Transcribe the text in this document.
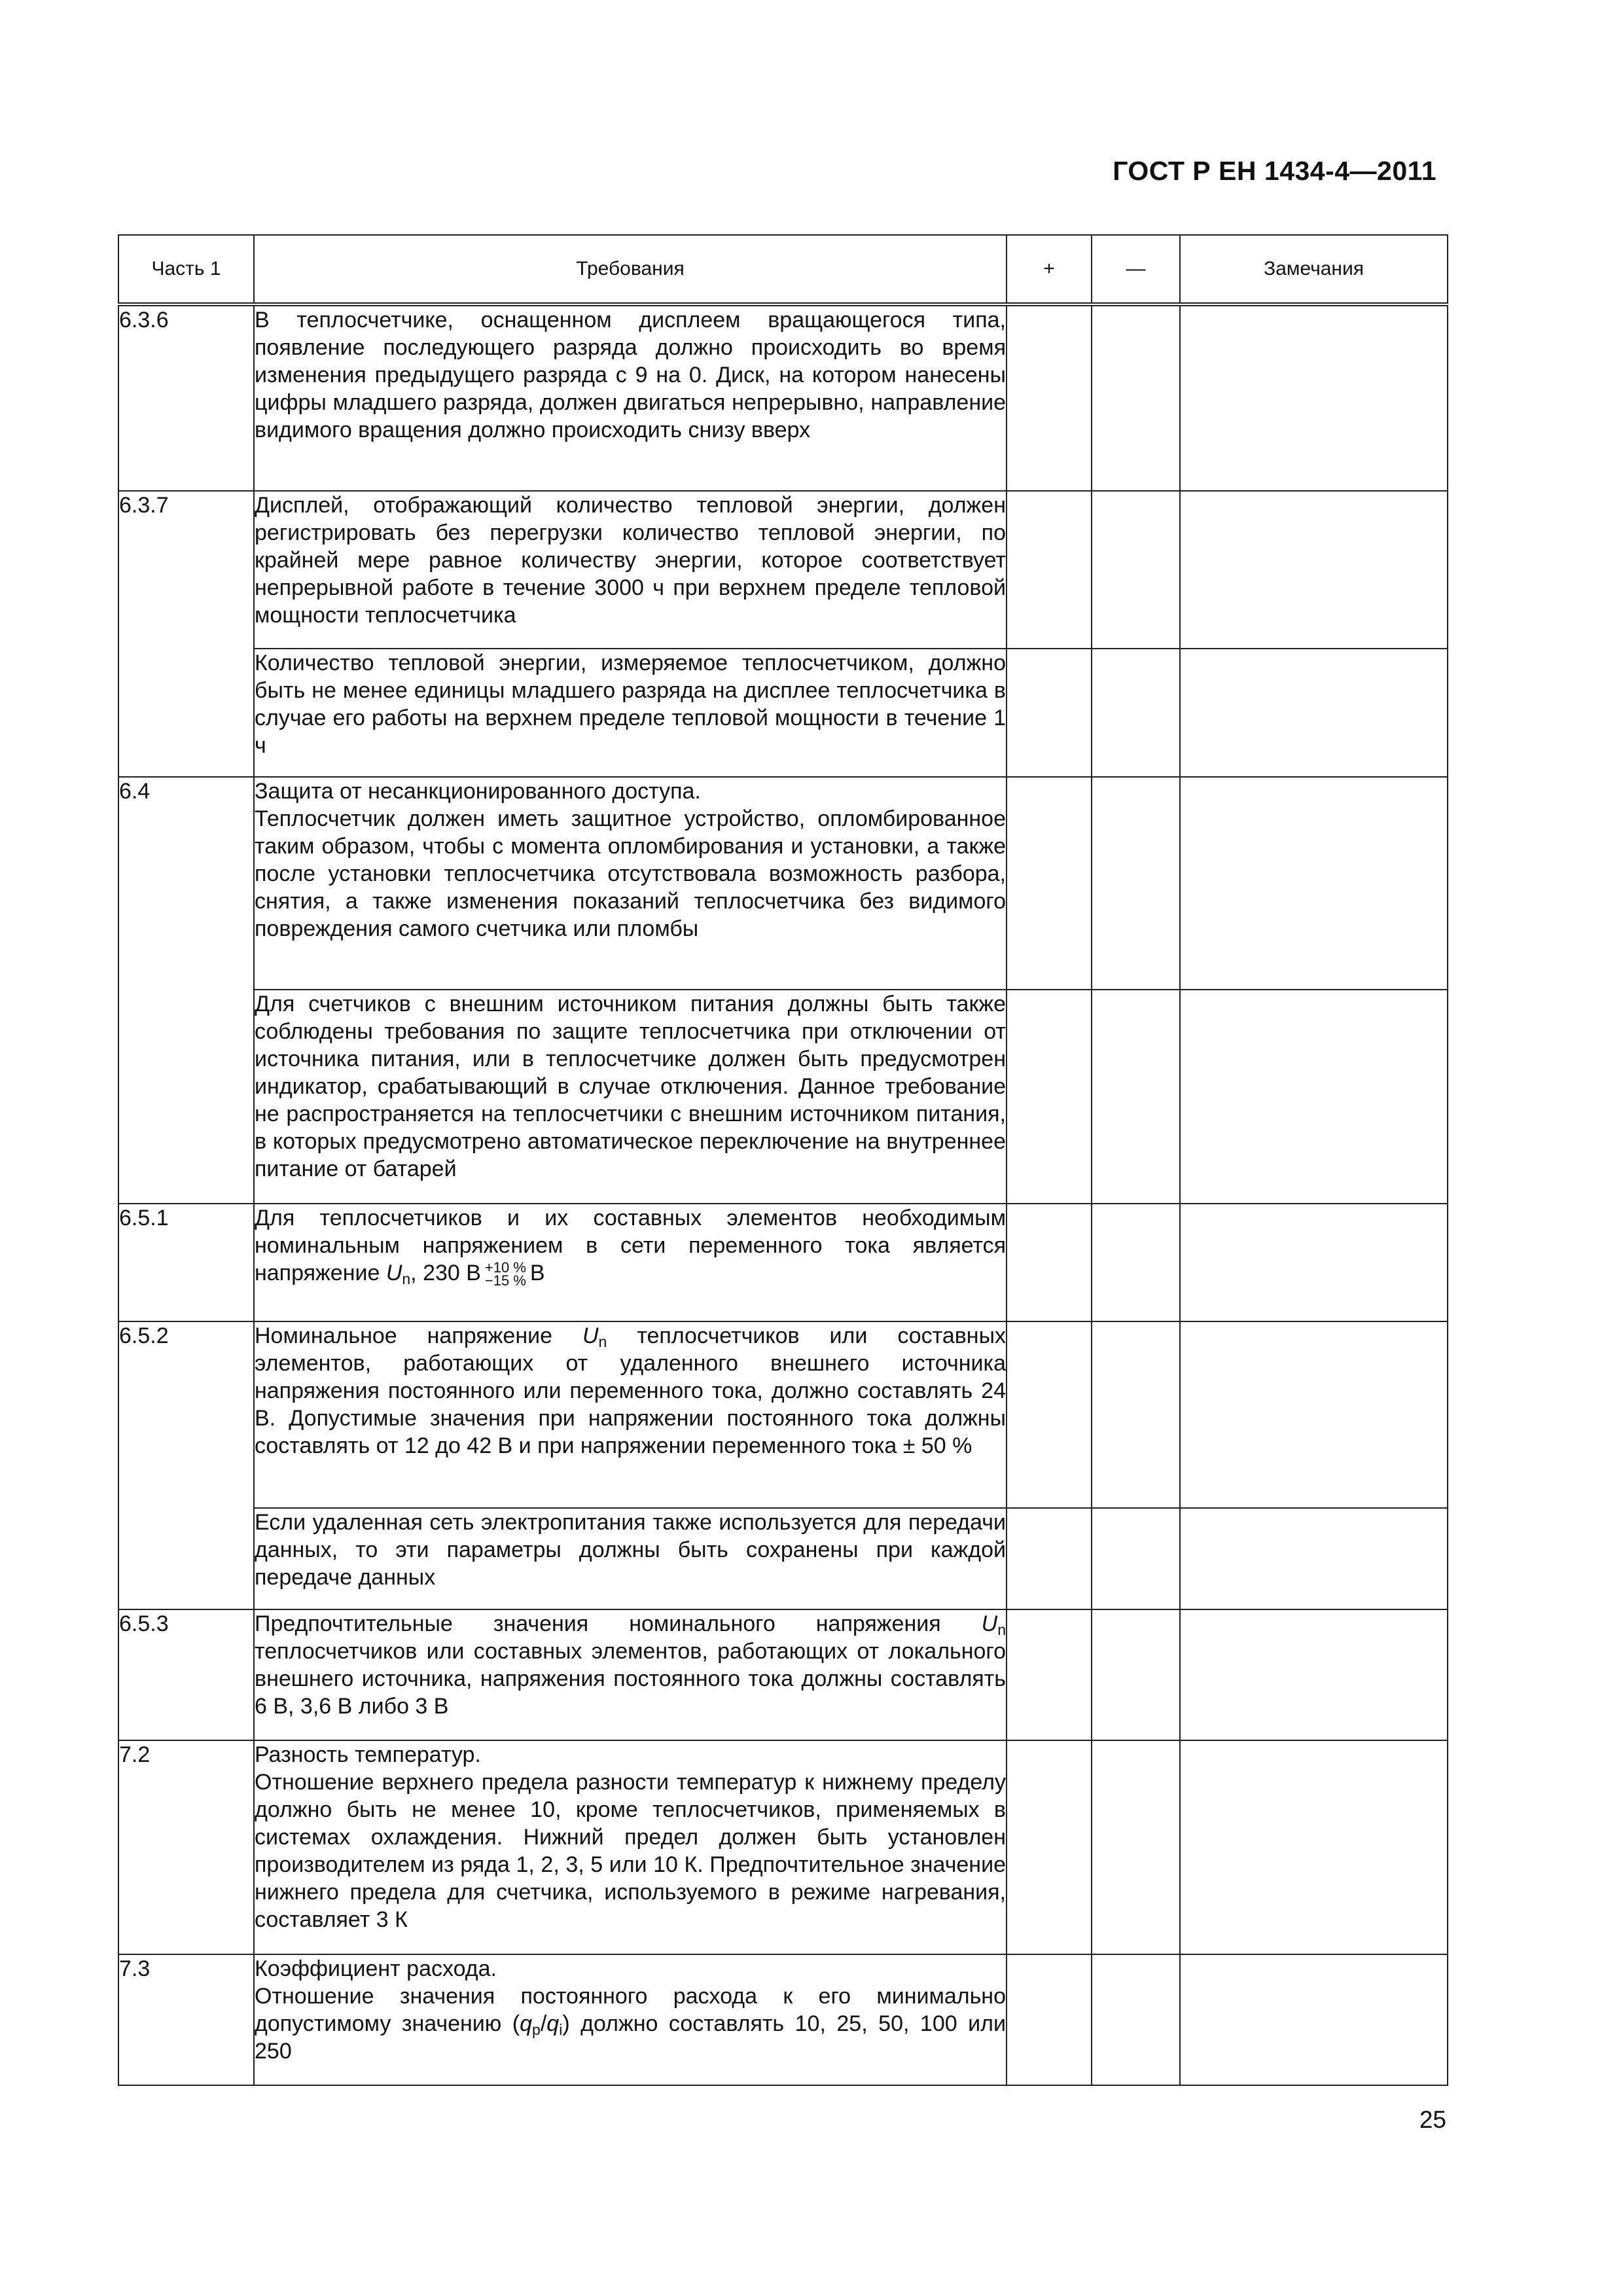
ГОСТ Р ЕН 1434-4—2011
Часть 1	Требования	+	—	Замечания
6.3.6	В теплосчетчике, оснащенном дисплеем вращающегося типа, появление последующего разряда должно происходить во время изменения предыдущего разряда с 9 на 0. Диск, на котором нанесены цифры младшего разряда, должен двигаться непрерывно, направление видимого вращения должно происходить снизу вверх			
6.3.7	Дисплей, отображающий количество тепловой энергии, должен регистрировать без перегрузки количество тепловой энергии, по крайней мере равное количеству энергии, которое соответствует непрерывной работе в течение 3000 ч при верхнем пределе тепловой мощности теплосчетчика			
	Количество тепловой энергии, измеряемое теплосчетчиком, должно быть не менее единицы младшего разряда на дисплее теплосчетчика в случае его работы на верхнем пределе тепловой мощности в течение 1 ч			
6.4	Защита от несанкционированного доступа.
Теплосчетчик должен иметь защитное устройство, опломбированное таким образом, чтобы с момента опломбирования и установки, а также после установки теплосчетчика отсутствовала возможность разбора, снятия, а также изменения показаний теплосчетчика без видимого повреждения самого счетчика или пломбы			
	Для счетчиков с внешним источником питания должны быть также соблюдены требования по защите теплосчетчика при отключении от источника питания, или в теплосчетчике должен быть предусмотрен индикатор, срабатывающий в случае отключения. Данное требование не распространяется на теплосчетчики с внешним источником питания, в которых предусмотрено автоматическое переключение на внутреннее питание от батарей			
6.5.1	Для теплосчетчиков и их составных элементов необходимым номинальным напряжением в сети переменного тока является напряжение $U_n$, 230 В +10 %
−15 % В			
6.5.2	Номинальное напряжение $U_n$ теплосчетчиков или составных элементов, работающих от удаленного внешнего источника напряжения постоянного или переменного тока, должно составлять 24 В. Допустимые значения при напряжении постоянного тока должны составлять от 12 до 42 В и при напряжении переменного тока ± 50 %			
	Если удаленная сеть электропитания также используется для передачи данных, то эти параметры должны быть сохранены при каждой передаче данных			
6.5.3	Предпочтительные значения номинального напряжения $U_n$ теплосчетчиков или составных элементов, работающих от локального внешнего источника, напряжения постоянного тока должны составлять 6 В, 3,6 В либо 3 В			
7.2	Разность температур.
Отношение верхнего предела разности температур к нижнему пределу должно быть не менее 10, кроме теплосчетчиков, применяемых в системах охлаждения. Нижний предел должен быть установлен производителем из ряда 1, 2, 3, 5 или 10 К. Предпочтительное значение нижнего предела для счетчика, используемого в режиме нагревания, составляет 3 К			
7.3	Коэффициент расхода.
Отношение значения постоянного расхода к его минимально допустимому значению $(q_p/q_i)$ должно составлять 10, 25, 50, 100 или 250			
25
